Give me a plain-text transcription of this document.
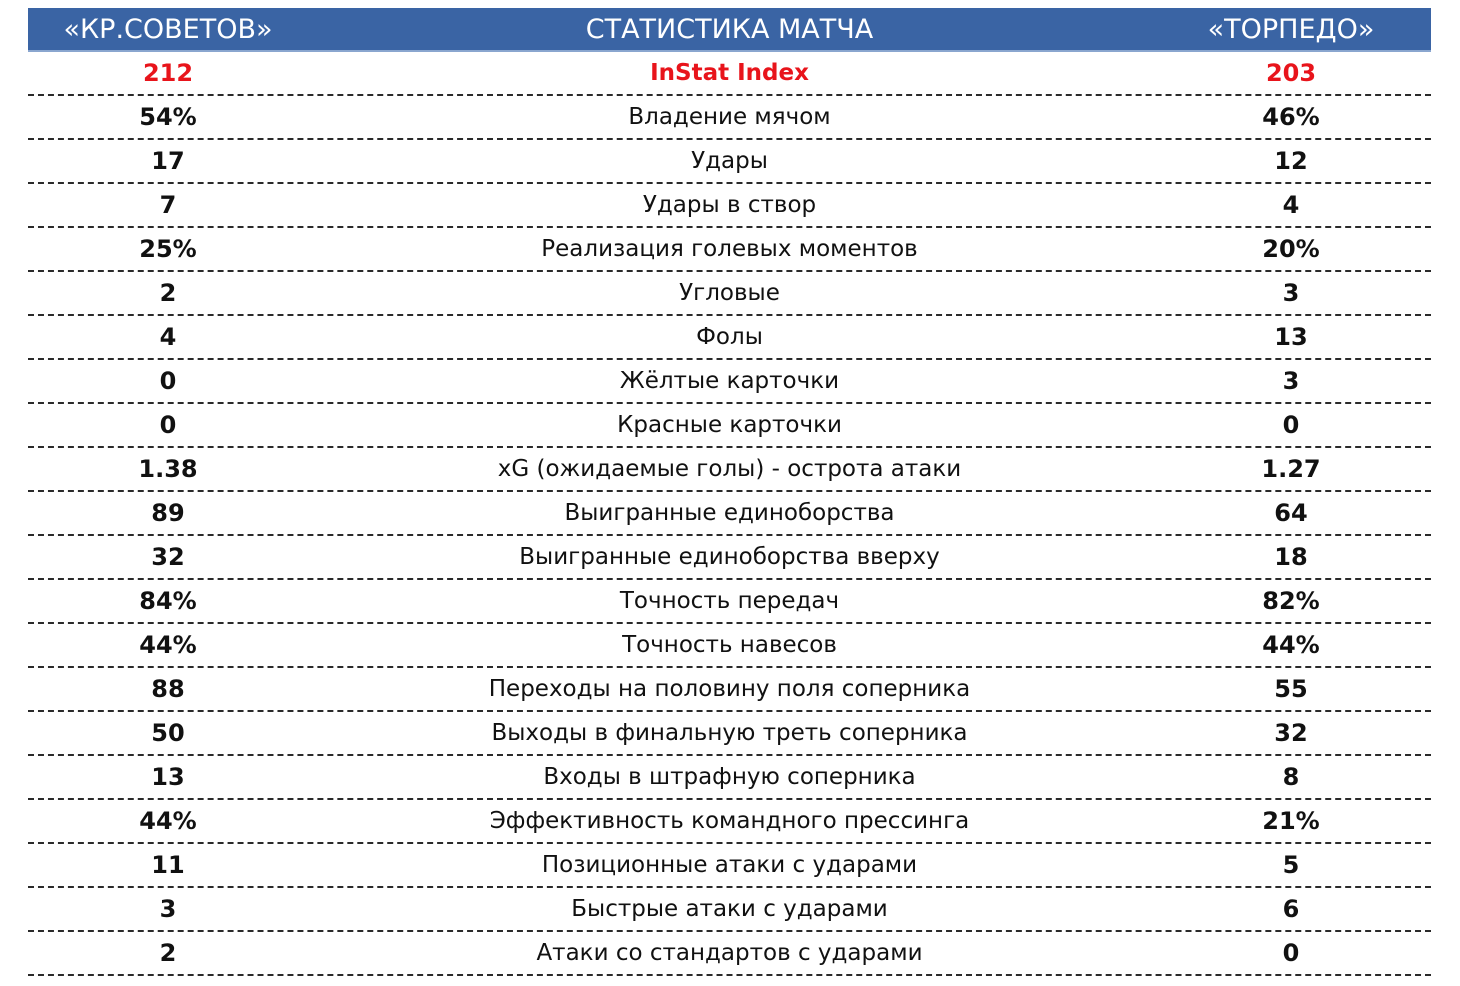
«КР.СОВЕТОВ»	СТАТИСТИКА МАТЧА	«ТОРПЕДО»
212	InStat Index	203
54%	Владение мячом	46%
17	Удары	12
7	Удары в створ	4
25%	Реализация голевых моментов	20%
2	Угловые	3
4	Фолы	13
0	Жёлтые карточки	3
0	Красные карточки	0
1.38	xG (ожидаемые голы) - острота атаки	1.27
89	Выигранные единоборства	64
32	Выигранные единоборства вверху	18
84%	Точность передач	82%
44%	Точность навесов	44%
88	Переходы на половину поля соперника	55
50	Выходы в финальную треть соперника	32
13	Входы в штрафную соперника	8
44%	Эффективность командного прессинга	21%
11	Позиционные атаки с ударами	5
3	Быстрые атаки с ударами	6
2	Атаки со стандартов с ударами	0
